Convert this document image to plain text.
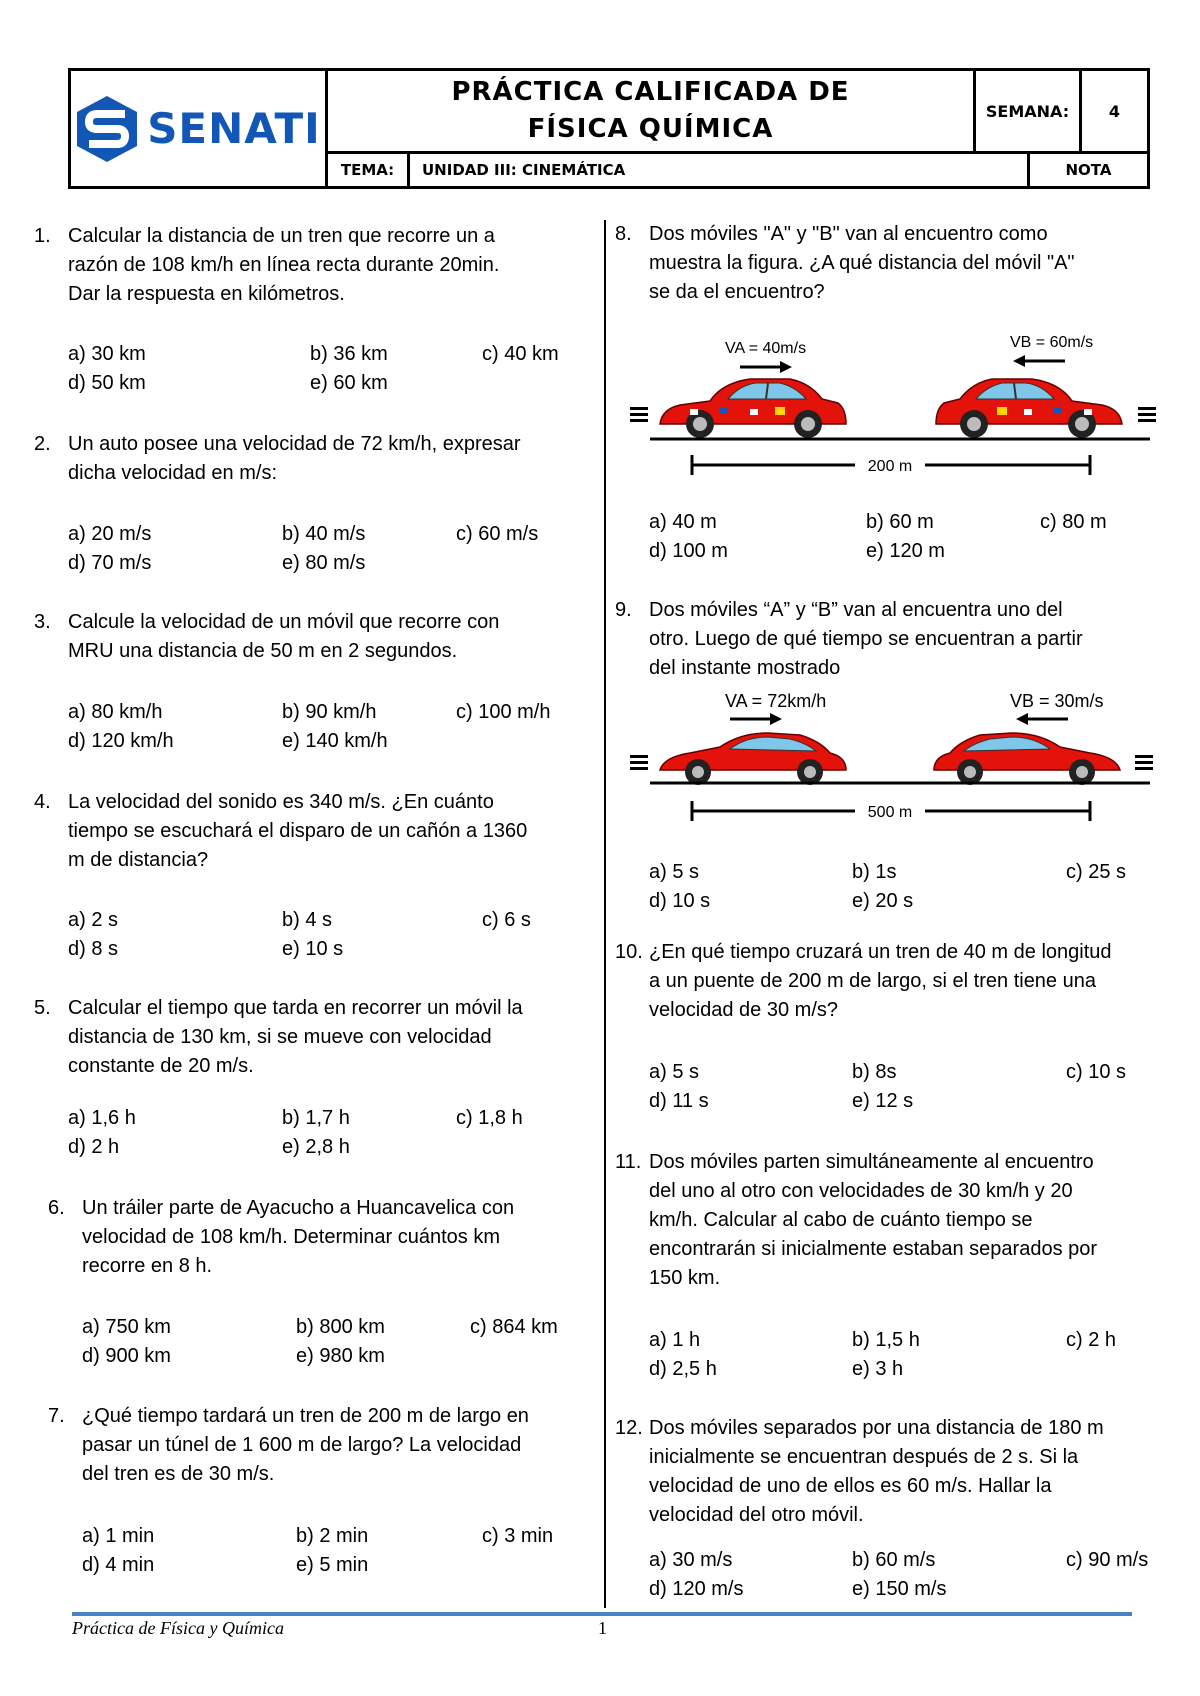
SENATI
PRÁCTICA CALIFICADA DE
FÍSICA QUÍMICA
SEMANA:	4
TEMA:	UNIDAD III: CINEMÁTICA	NOTA
1. Calcular la distancia de un tren que recorre un a
razón de 108 km/h en línea recta durante 20min.
Dar la respuesta en kilómetros.
a) 30 km	b) 36 km	c) 40 km
d) 50 km	e) 60 km
2. Un auto posee una velocidad de 72 km/h, expresar
dicha velocidad en m/s:
a) 20 m/s	b) 40 m/s	c) 60 m/s
d) 70 m/s	e) 80 m/s
3. Calcule la velocidad de un móvil que recorre con
MRU una distancia de 50 m en 2 segundos.
a) 80 km/h	b) 90 km/h	c) 100 m/h
d) 120 km/h	e) 140 km/h
4. La velocidad del sonido es 340 m/s. ¿En cuánto
tiempo se escuchará el disparo de un cañón a 1360
m de distancia?
a) 2 s	b) 4 s	c) 6 s
d) 8 s	e) 10 s
5. Calcular el tiempo que tarda en recorrer un móvil la
distancia de 130 km, si se mueve con velocidad
constante de 20 m/s.
a) 1,6 h	b) 1,7 h	c) 1,8 h
d) 2 h	e) 2,8 h
6. Un tráiler parte de Ayacucho a Huancavelica con
velocidad de 108 km/h. Determinar cuántos km
recorre en 8 h.
a) 750 km	b) 800 km	c) 864 km
d) 900 km	e) 980 km
7. ¿Qué tiempo tardará un tren de 200 m de largo en
pasar un túnel de 1 600 m de largo? La velocidad
del tren es de 30 m/s.
a) 1 min	b) 2 min	c) 3 min
d) 4 min	e) 5 min
8. Dos móviles "A" y "B" van al encuentro como
muestra la figura. ¿A qué distancia del móvil "A"
se da el encuentro?
a) 40 m	b) 60 m	c) 80 m
d) 100 m	e) 120 m
9. Dos móviles “A” y “B” van al encuentra uno del
otro. Luego de qué tiempo se encuentran a partir
del instante mostrado
a) 5 s	b) 1s	c) 25 s
d) 10 s	e) 20 s
10. ¿En qué tiempo cruzará un tren de 40 m de longitud
a un puente de 200 m de largo, si el tren tiene una
velocidad de 30 m/s?
a) 5 s	b) 8s	c) 10 s
d) 11 s	e) 12 s
11. Dos móviles parten simultáneamente al encuentro
del uno al otro con velocidades de 30 km/h y 20
km/h. Calcular al cabo de cuánto tiempo se
encontrarán si inicialmente estaban separados por
150 km.
a) 1 h	b) 1,5 h	c) 2 h
d) 2,5 h	e) 3 h
12. Dos móviles separados por una distancia de 180 m
inicialmente se encuentran después de 2 s. Si la
velocidad de uno de ellos es 60 m/s. Hallar la
velocidad del otro móvil.
a) 30 m/s	b) 60 m/s	c) 90 m/s
d) 120 m/s	e) 150 m/s
VA = 40m/s	VB = 60m/s
200 m
VA = 72km/h	VB = 30m/s
500 m
Práctica de Física y Química	1
